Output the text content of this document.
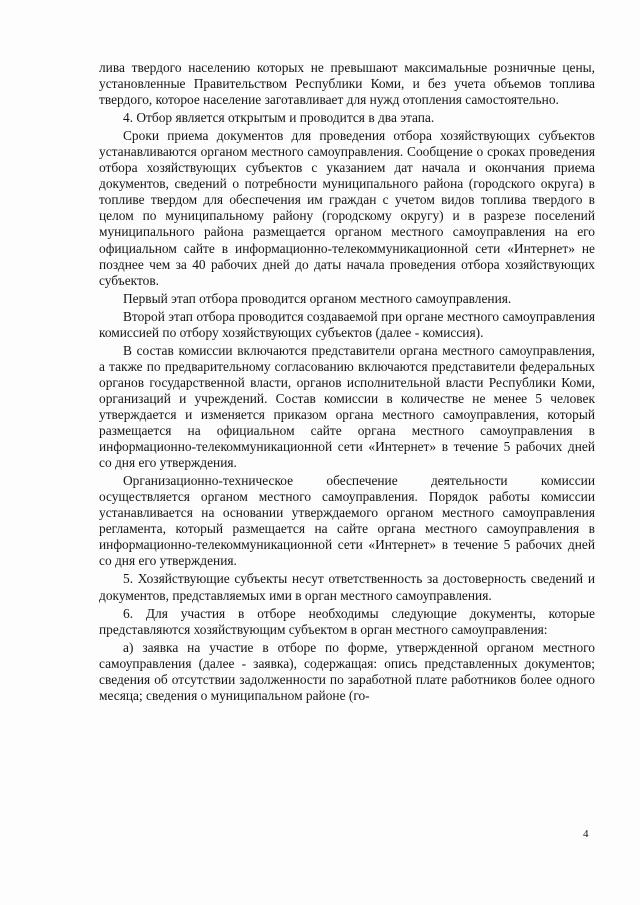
лива твердого населению которых не превышают максимальные розничные цены, установленные Правительством Республики Коми, и без учета объемов топлива твердого, которое население заготавливает для нужд отопления самостоятельно.

4. Отбор является открытым и проводится в два этапа.

Сроки приема документов для проведения отбора хозяйствующих субъектов устанавливаются органом местного самоуправления. Сообщение о сроках проведения отбора хозяйствующих субъектов с указанием дат начала и окончания приема документов, сведений о потребности муниципального района (городского округа) в топливе твердом для обеспечения им граждан с учетом видов топлива твердого в целом по муниципальному району (городскому округу) и в разрезе поселений муниципального района размещается органом местного самоуправления на его официальном сайте в информационно-телекоммуникационной сети «Интернет» не позднее чем за 40 рабочих дней до даты начала проведения отбора хозяйствующих субъектов.

Первый этап отбора проводится органом местного самоуправления.

Второй этап отбора проводится создаваемой при органе местного самоуправления комиссией по отбору хозяйствующих субъектов (далее - комиссия).

В состав комиссии включаются представители органа местного самоуправления, а также по предварительному согласованию включаются представители федеральных органов государственной власти, органов исполнительной власти Республики Коми, организаций и учреждений. Состав комиссии в количестве не менее 5 человек утверждается и изменяется приказом органа местного самоуправления, который размещается на официальном сайте органа местного самоуправления в информационно-телекоммуникационной сети «Интернет» в течение 5 рабочих дней со дня его утверждения.

Организационно-техническое обеспечение деятельности комиссии осуществляется органом местного самоуправления. Порядок работы комиссии устанавливается на основании утверждаемого органом местного самоуправления регламента, который размещается на сайте органа местного самоуправления в информационно-телекоммуникационной сети «Интернет» в течение 5 рабочих дней со дня его утверждения.

5. Хозяйствующие субъекты несут ответственность за достоверность сведений и документов, представляемых ими в орган местного самоуправления.

6. Для участия в отборе необходимы следующие документы, которые представляются хозяйствующим субъектом в орган местного самоуправления:

а) заявка на участие в отборе по форме, утвержденной органом местного самоуправления (далее - заявка), содержащая: опись представленных документов; сведения об отсутствии задолженности по заработной плате работников более одного месяца; сведения о муниципальном районе (го-

4
